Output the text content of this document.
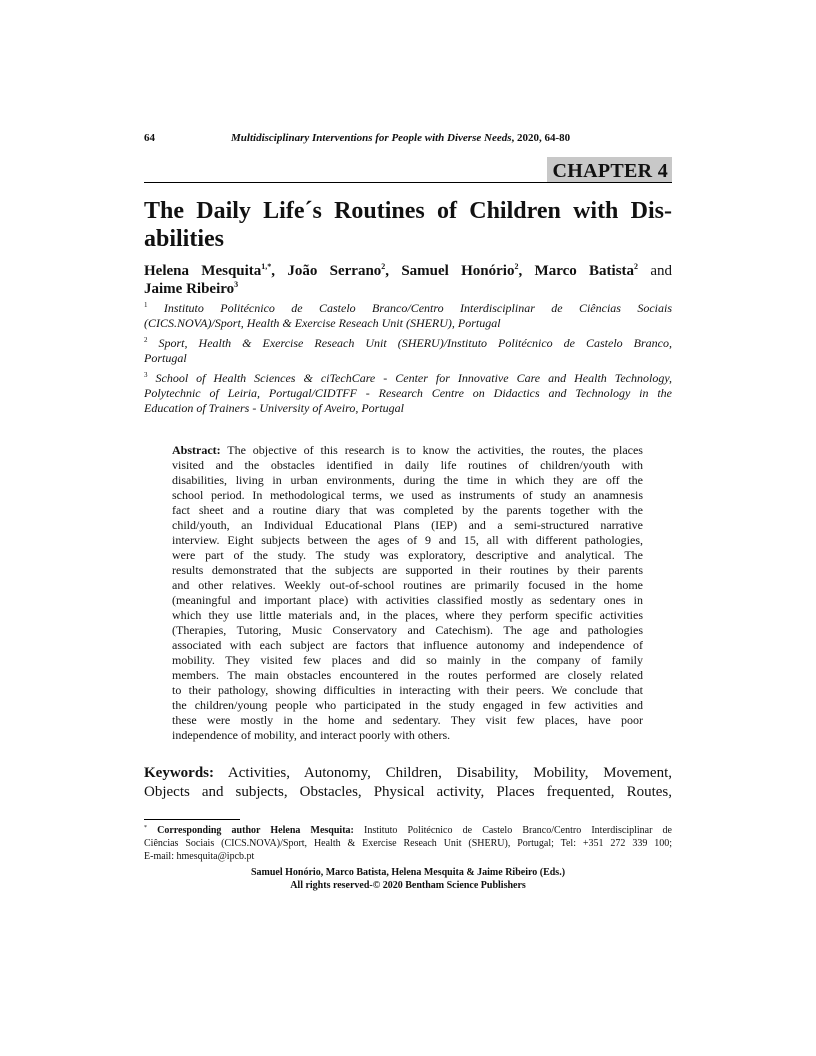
64	Multidisciplinary Interventions for People with Diverse Needs, 2020, 64-80
CHAPTER 4
The Daily Life´s Routines of Children with Dis-
abilities
Helena Mesquita$^{1,*}$, João Serrano$^2$, Samuel Honório$^2$, Marco Batista$^2$ and
Jaime Ribeiro$^3$
$^1$ Instituto Politécnico de Castelo Branco/Centro Interdisciplinar de Ciências Sociais
(CICS.NOVA)/Sport, Health & Exercise Reseach Unit (SHERU), Portugal
$^2$ Sport, Health & Exercise Reseach Unit (SHERU)/Instituto Politécnico de Castelo Branco,
Portugal
$^3$ School of Health Sciences & ciTechCare - Center for Innovative Care and Health Technology,
Polytechnic of Leiria, Portugal/CIDTFF - Research Centre on Didactics and Technology in the
Education of Trainers - University of Aveiro, Portugal
Abstract: The objective of this research is to know the activities, the routes, the places
visited and the obstacles identified in daily life routines of children/youth with
disabilities, living in urban environments, during the time in which they are off the
school period. In methodological terms, we used as instruments of study an anamnesis
fact sheet and a routine diary that was completed by the parents together with the
child/youth, an Individual Educational Plans (IEP) and a semi-structured narrative
interview. Eight subjects between the ages of 9 and 15, all with different pathologies,
were part of the study. The study was exploratory, descriptive and analytical. The
results demonstrated that the subjects are supported in their routines by their parents
and other relatives. Weekly out-of-school routines are primarily focused in the home
(meaningful and important place) with activities classified mostly as sedentary ones in
which they use little materials and, in the places, where they perform specific activities
(Therapies, Tutoring, Music Conservatory and Catechism). The age and pathologies
associated with each subject are factors that influence autonomy and independence of
mobility. They visited few places and did so mainly in the company of family
members. The main obstacles encountered in the routes performed are closely related
to their pathology, showing difficulties in interacting with their peers. We conclude that
the children/young people who participated in the study engaged in few activities and
these were mostly in the home and sedentary. They visit few places, have poor
independence of mobility, and interact poorly with others.
Keywords: Activities, Autonomy, Children, Disability, Mobility, Movement,
Objects and subjects, Obstacles, Physical activity, Places frequented, Routes,
* Corresponding author Helena Mesquita: Instituto Politécnico de Castelo Branco/Centro Interdisciplinar de
Ciências Sociais (CICS.NOVA)/Sport, Health & Exercise Reseach Unit (SHERU), Portugal; Tel: +351 272 339 100;
E-mail: hmesquita@ipcb.pt
Samuel Honório, Marco Batista, Helena Mesquita & Jaime Ribeiro (Eds.)
All rights reserved-© 2020 Bentham Science Publishers
